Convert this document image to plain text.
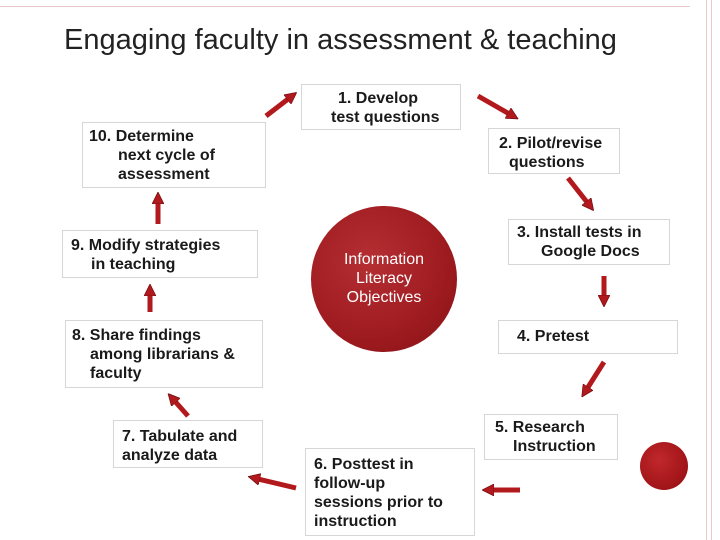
Engaging faculty in assessment & teaching
1. Develop
test questions
2. Pilot/revise
questions
3. Install tests in
Google Docs
4. Pretest
5. Research
Instruction
6. Posttest in
follow-up
sessions prior to
instruction
7. Tabulate and
analyze data
8. Share findings
among librarians &
faculty
9. Modify strategies
in teaching
10. Determine
next cycle of
assessment
Information
Literacy
Objectives
